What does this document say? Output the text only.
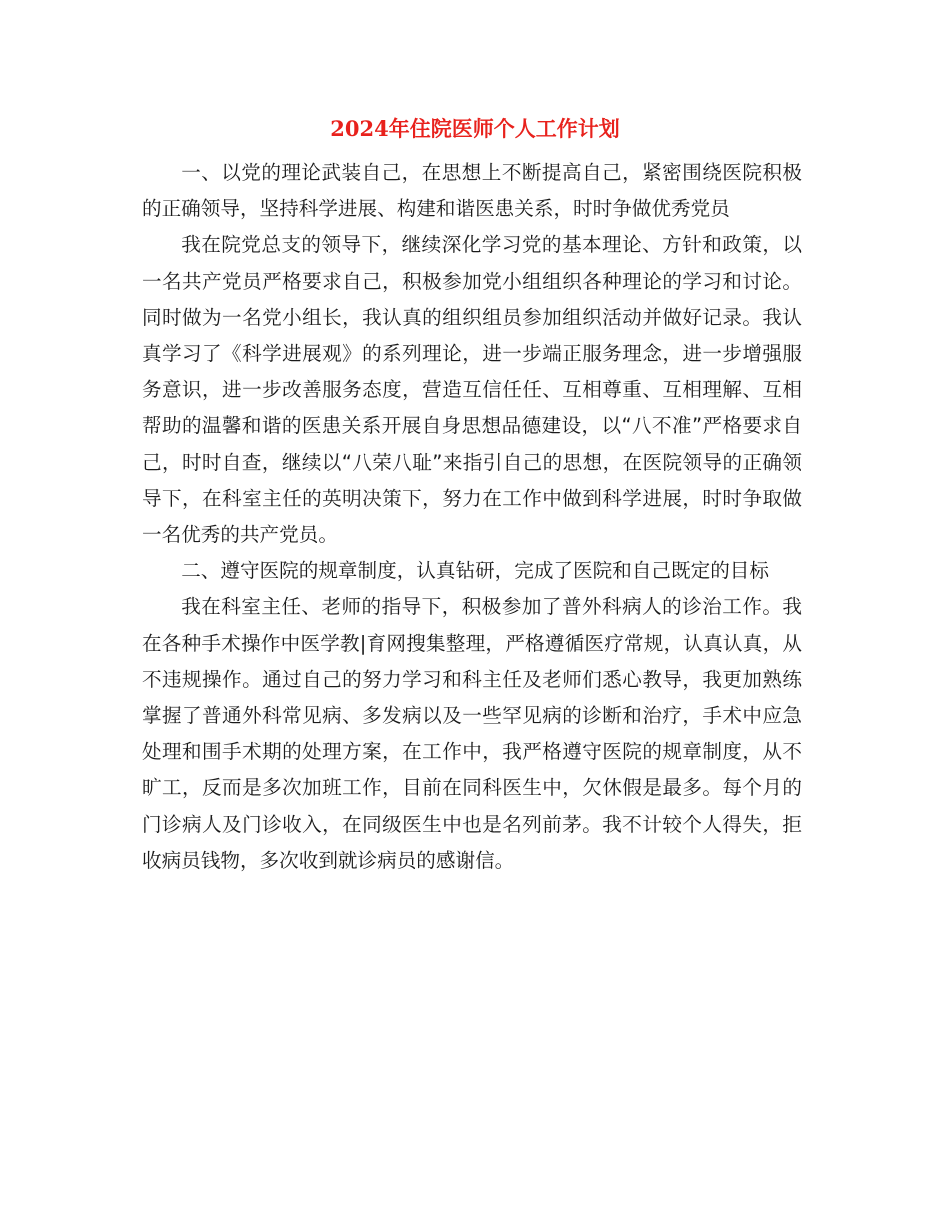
2024年住院医师个人工作计划

一、以党的理论武装自己，在思想上不断提高自己，紧密围绕医院积极的正确领导，坚持科学进展、构建和谐医患关系，时时争做优秀党员

我在院党总支的领导下，继续深化学习党的基本理论、方针和政策，以一名共产党员严格要求自己，积极参加党小组组织各种理论的学习和讨论。同时做为一名党小组长，我认真的组织组员参加组织活动并做好记录。我认真学习了《科学进展观》的系列理论，进一步端正服务理念，进一步增强服务意识，进一步改善服务态度，营造互信任任、互相尊重、互相理解、互相帮助的温馨和谐的医患关系开展自身思想品德建设，以“八不准”严格要求自己，时时自查，继续以“八荣八耻”来指引自己的思想，在医院领导的正确领导下，在科室主任的英明决策下，努力在工作中做到科学进展，时时争取做一名优秀的共产党员。

二、遵守医院的规章制度，认真钻研，完成了医院和自己既定的目标

我在科室主任、老师的指导下，积极参加了普外科病人的诊治工作。我在各种手术操作中医学教|育网搜集整理，严格遵循医疗常规，认真认真，从不违规操作。通过自己的努力学习和科主任及老师们悉心教导，我更加熟练掌握了普通外科常见病、多发病以及一些罕见病的诊断和治疗，手术中应急处理和围手术期的处理方案，在工作中，我严格遵守医院的规章制度，从不旷工，反而是多次加班工作，目前在同科医生中，欠休假是最多。每个月的门诊病人及门诊收入，在同级医生中也是名列前茅。我不计较个人得失，拒收病员钱物，多次收到就诊病员的感谢信。
